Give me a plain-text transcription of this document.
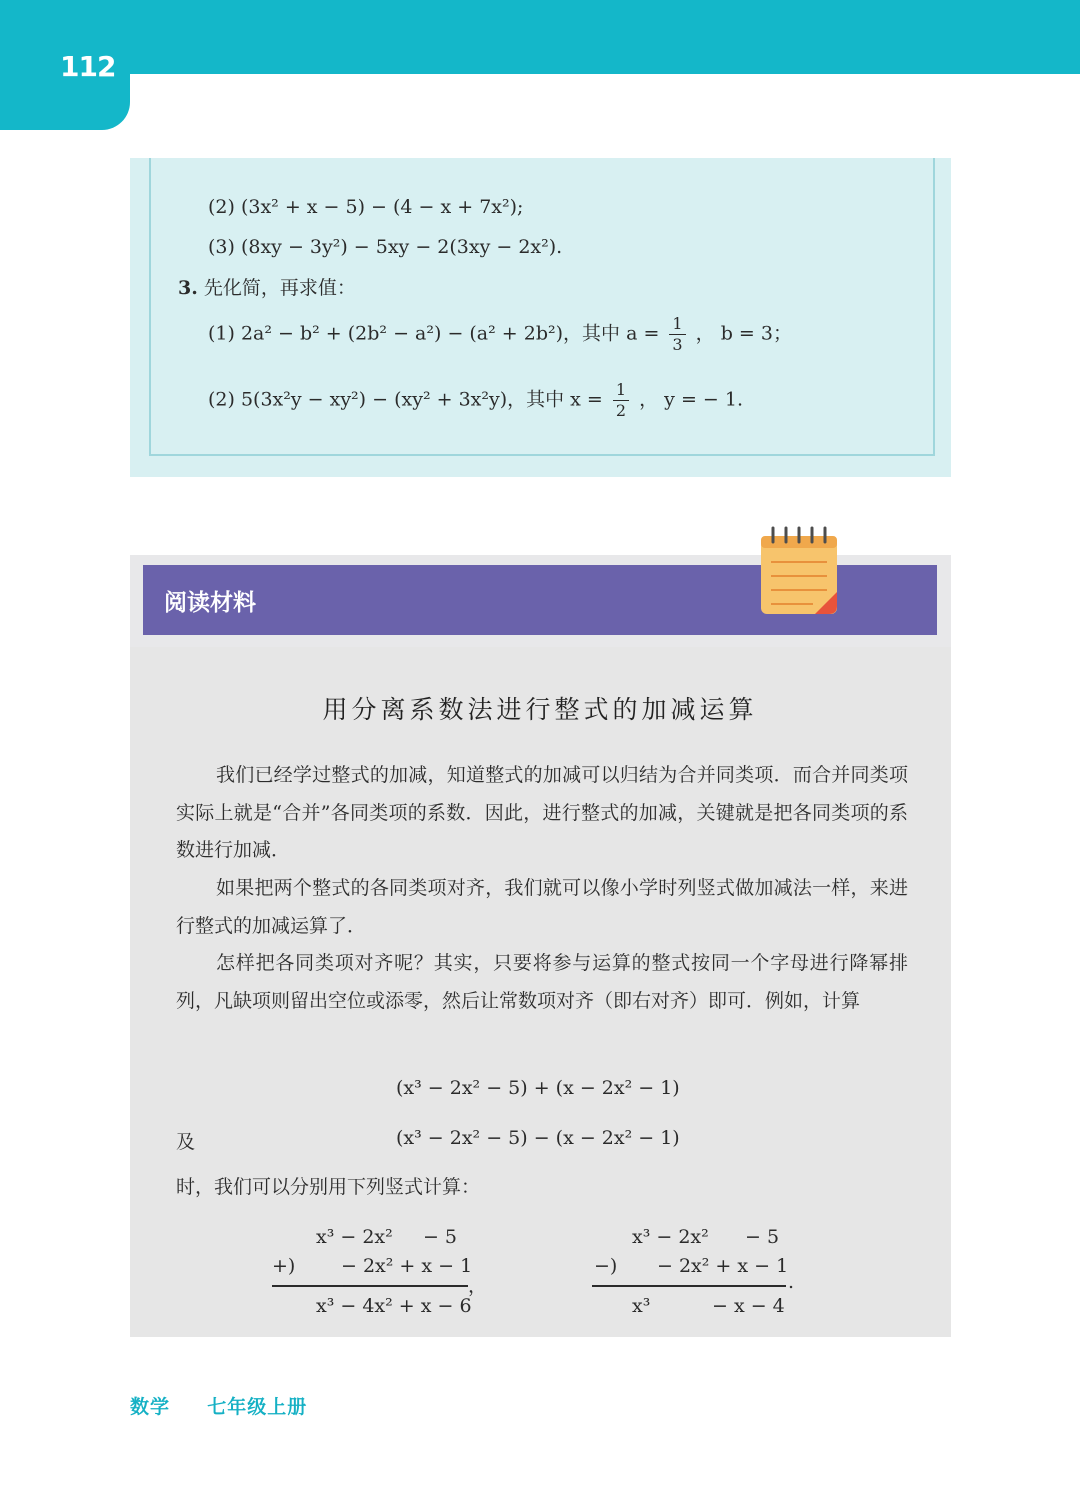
112
(2) (3x² + x − 5) − (4 − x + 7x²);
(3) (8xy − 3y²) − 5xy − 2(3xy − 2x²).
3. 先化简，再求值：
(1) 2a² − b² + (2b² − a²) − (a² + 2b²)，其中 $a = \frac{1}{3}$ ， b = 3；
(2) 5(3x²y − xy²) − (xy² + 3x²y)，其中 $x = \frac{1}{2}$ ， y = − 1.
阅读材料
用分离系数法进行整式的加减运算
我们已经学过整式的加减，知道整式的加减可以归结为合并同类项．而合并同类项实际上就是“合并”各同类项的系数．因此，进行整式的加减，关键就是把各同类项的系数进行加减．
如果把两个整式的各同类项对齐，我们就可以像小学时列竖式做加减法一样，来进行整式的加减运算了．
怎样把各同类项对齐呢？其实，只要将参与运算的整式按同一个字母进行降幂排列，凡缺项则留出空位或添零，然后让常数项对齐（即右对齐）即可．例如，计算
(x³ − 2x² − 5) + (x − 2x² − 1)
及	(x³ − 2x² − 5) − (x − 2x² − 1)
时，我们可以分别用下列竖式计算：
x³ − 2x²     − 5
+) − 2x² + x − 1
，
x³ − 4x² + x − 6
x³ − 2x²      − 5
−) − 2x² + x − 1
.
x³	− x − 4
数学 七年级上册
